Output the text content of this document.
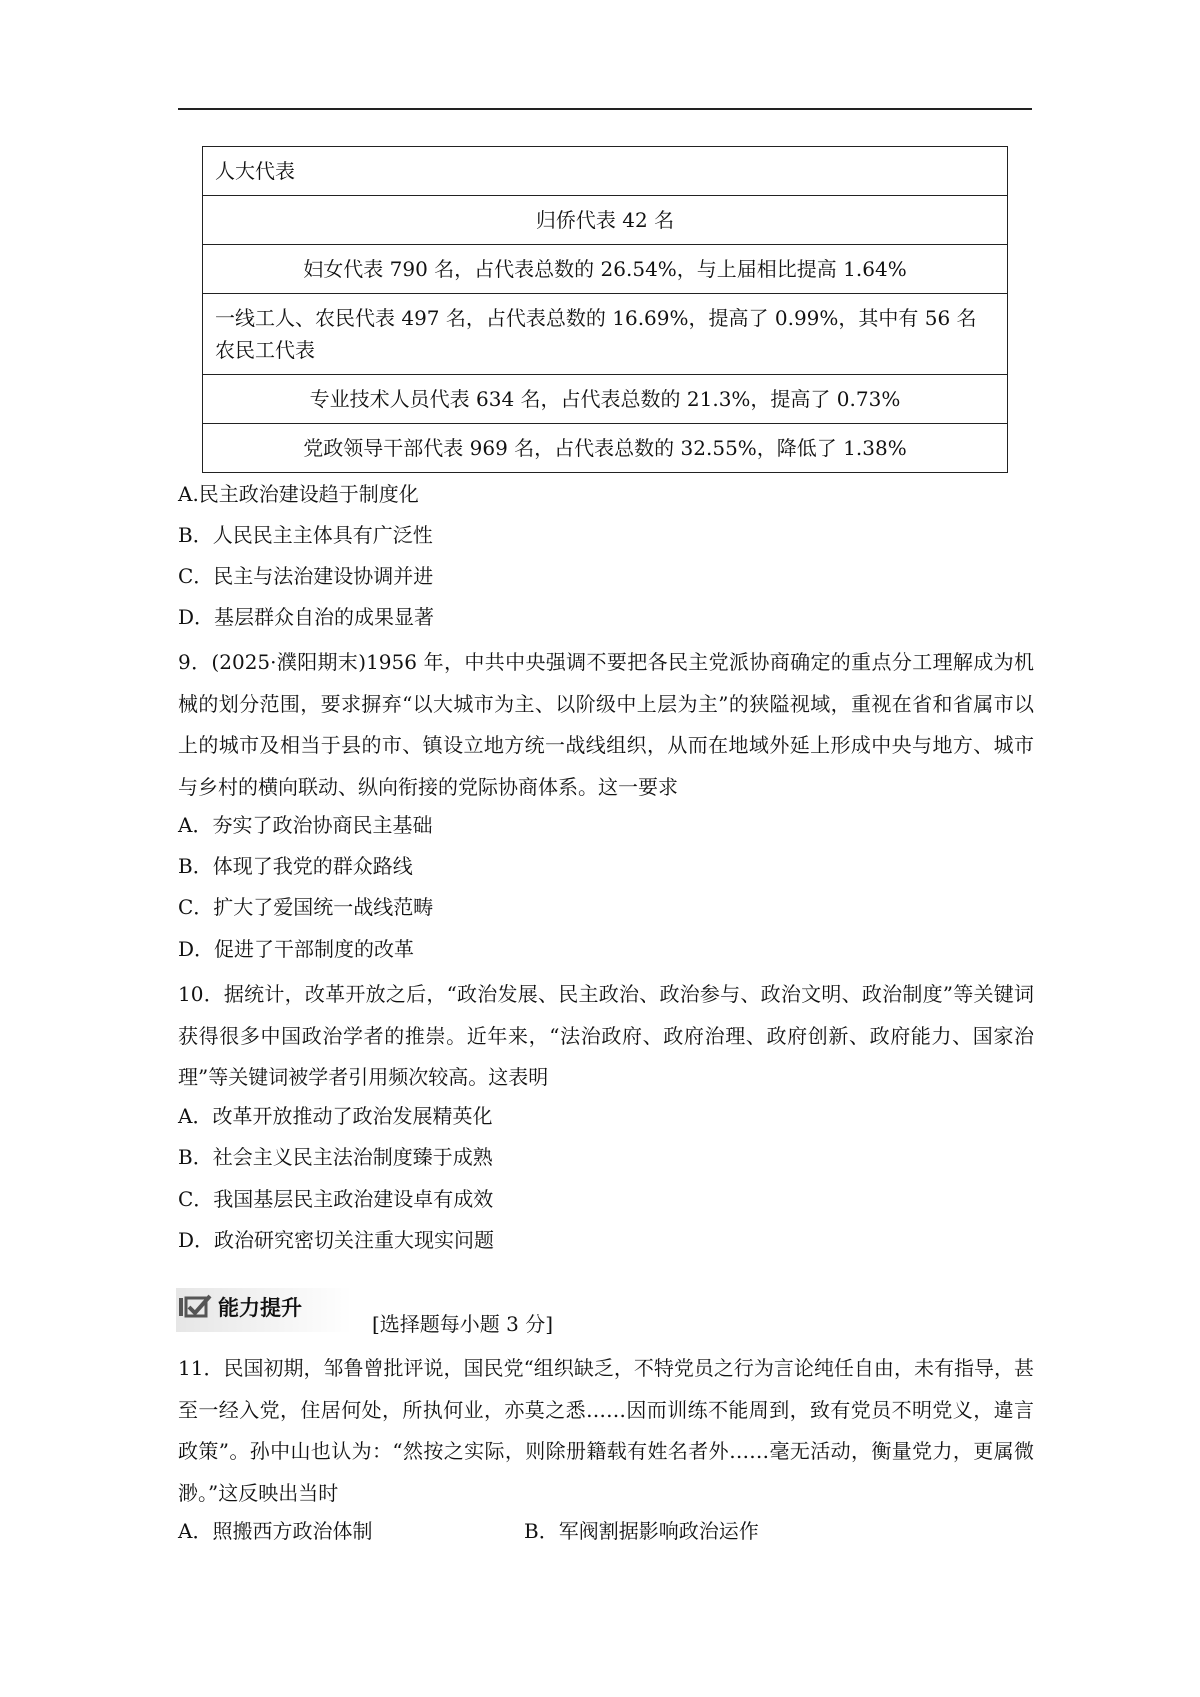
人大代表
归侨代表 42 名
妇女代表 790 名，占代表总数的 26.54%，与上届相比提高 1.64%
一线工人、农民代表 497 名，占代表总数的 16.69%，提高了 0.99%，其中有 56 名农民工代表
专业技术人员代表 634 名，占代表总数的 21.3%，提高了 0.73%
党政领导干部代表 969 名，占代表总数的 32.55%，降低了 1.38%
A.民主政治建设趋于制度化
B．人民民主主体具有广泛性
C．民主与法治建设协调并进
D．基层群众自治的成果显著
9．(2025·濮阳期末)1956 年，中共中央强调不要把各民主党派协商确定的重点分工理解成为机械的划分范围，要求摒弃“以大城市为主、以阶级中上层为主”的狭隘视域，重视在省和省属市以上的城市及相当于县的市、镇设立地方统一战线组织，从而在地域外延上形成中央与地方、城市与乡村的横向联动、纵向衔接的党际协商体系。这一要求
A．夯实了政治协商民主基础
B．体现了我党的群众路线
C．扩大了爱国统一战线范畴
D．促进了干部制度的改革
10．据统计，改革开放之后，“政治发展、民主政治、政治参与、政治文明、政治制度”等关键词获得很多中国政治学者的推崇。近年来，“法治政府、政府治理、政府创新、政府能力、国家治理”等关键词被学者引用频次较高。这表明
A．改革开放推动了政治发展精英化
B．社会主义民主法治制度臻于成熟
C．我国基层民主政治建设卓有成效
D．政治研究密切关注重大现实问题
能力提升
[选择题每小题 3 分]
11．民国初期，邹鲁曾批评说，国民党“组织缺乏，不特党员之行为言论纯任自由，未有指导，甚至一经入党，住居何处，所执何业，亦莫之悉……因而训练不能周到，致有党员不明党义，違言政策”。孙中山也认为：“然按之实际，则除册籍载有姓名者外……毫无活动，衡量党力，更属微渺。”这反映出当时
A．照搬西方政治体制	B．军阀割据影响政治运作
